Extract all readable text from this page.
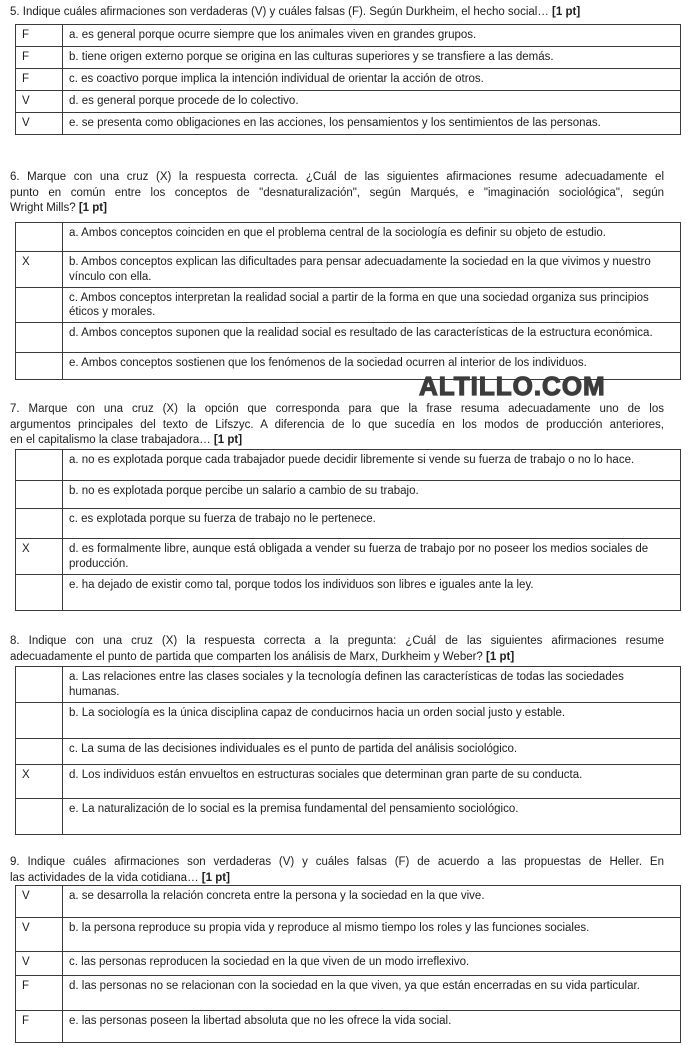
5. Indique cuáles afirmaciones son verdaderas (V) y cuáles falsas (F). Según Durkheim, el hecho social… [1 pt]
F	a. es general porque ocurre siempre que los animales viven en grandes grupos.
F	b. tiene origen externo porque se origina en las culturas superiores y se transfiere a las demás.
F	c. es coactivo porque implica la intención individual de orientar la acción de otros.
V	d. es general porque procede de lo colectivo.
V	e. se presenta como obligaciones en las acciones, los pensamientos y los sentimientos de las personas.
6. Marque con una cruz (X) la respuesta correcta. ¿Cuál de las siguientes afirmaciones resume adecuadamente el
punto en común entre los conceptos de "desnaturalización", según Marqués, e "imaginación sociológica", según
Wright Mills? [1 pt]
	a. Ambos conceptos coinciden en que el problema central de la sociología es definir su objeto de estudio.
X	b. Ambos conceptos explican las dificultades para pensar adecuadamente la sociedad en la que vivimos y nuestro vínculo con ella.
	c. Ambos conceptos interpretan la realidad social a partir de la forma en que una sociedad organiza sus principios éticos y morales.
	d. Ambos conceptos suponen que la realidad social es resultado de las características de la estructura económica.
	e. Ambos conceptos sostienen que los fenómenos de la sociedad ocurren al interior de los individuos.
ALTILLO.COM
7. Marque con una cruz (X) la opción que corresponda para que la frase resuma adecuadamente uno de los
argumentos principales del texto de Lifszyc. A diferencia de lo que sucedía en los modos de producción anteriores,
en el capitalismo la clase trabajadora… [1 pt]
	a. no es explotada porque cada trabajador puede decidir libremente si vende su fuerza de trabajo o no lo hace.
	b. no es explotada porque percibe un salario a cambio de su trabajo.
	c. es explotada porque su fuerza de trabajo no le pertenece.
X	d. es formalmente libre, aunque está obligada a vender su fuerza de trabajo por no poseer los medios sociales de producción.
	e. ha dejado de existir como tal, porque todos los individuos son libres e iguales ante la ley.
8. Indique con una cruz (X) la respuesta correcta a la pregunta: ¿Cuál de las siguientes afirmaciones resume
adecuadamente el punto de partida que comparten los análisis de Marx, Durkheim y Weber? [1 pt]
	a. Las relaciones entre las clases sociales y la tecnología definen las características de todas las sociedades humanas.
	b. La sociología es la única disciplina capaz de conducirnos hacia un orden social justo y estable.
	c. La suma de las decisiones individuales es el punto de partida del análisis sociológico.
X	d. Los individuos están envueltos en estructuras sociales que determinan gran parte de su conducta.
	e. La naturalización de lo social es la premisa fundamental del pensamiento sociológico.
9. Indique cuáles afirmaciones son verdaderas (V) y cuáles falsas (F) de acuerdo a las propuestas de Heller. En
las actividades de la vida cotidiana… [1 pt]
V	a. se desarrolla la relación concreta entre la persona y la sociedad en la que vive.
V	b. la persona reproduce su propia vida y reproduce al mismo tiempo los roles y las funciones sociales.
V	c. las personas reproducen la sociedad en la que viven de un modo irreflexivo.
F	d. las personas no se relacionan con la sociedad en la que viven, ya que están encerradas en su vida particular.
F	e. las personas poseen la libertad absoluta que no les ofrece la vida social.
